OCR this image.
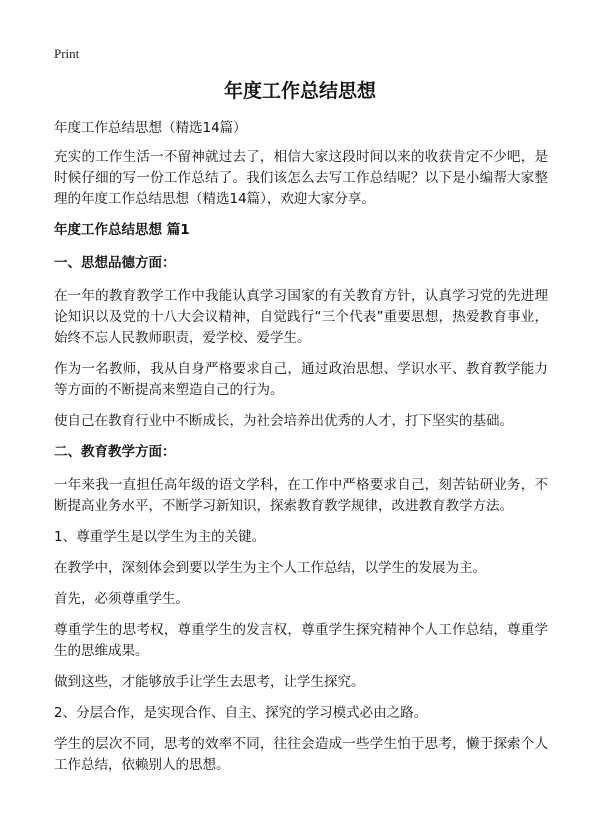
Print
年度工作总结思想

年度工作总结思想（精选14篇）

充实的工作生活一不留神就过去了，相信大家这段时间以来的收获肯定不少吧，是时候仔细的写一份工作总结了。我们该怎么去写工作总结呢？以下是小编帮大家整理的年度工作总结思想（精选14篇），欢迎大家分享。

年度工作总结思想 篇1

一、思想品德方面：

在一年的教育教学工作中我能认真学习国家的有关教育方针，认真学习党的先进理论知识以及党的十八大会议精神，自觉践行“三个代表”重要思想，热爱教育事业，始终不忘人民教师职责，爱学校、爱学生。

作为一名教师，我从自身严格要求自己，通过政治思想、学识水平、教育教学能力等方面的不断提高来塑造自己的行为。

使自己在教育行业中不断成长，为社会培养出优秀的人才，打下坚实的基础。

二、教育教学方面：

一年来我一直担任高年级的语文学科，在工作中严格要求自己，刻苦钻研业务，不断提高业务水平，不断学习新知识，探索教育教学规律，改进教育教学方法。

1、尊重学生是以学生为主的关键。

在教学中，深刻体会到要以学生为主个人工作总结，以学生的发展为主。

首先，必须尊重学生。

尊重学生的思考权，尊重学生的发言权，尊重学生探究精神个人工作总结，尊重学生的思维成果。

做到这些，才能够放手让学生去思考，让学生探究。

2、分层合作，是实现合作、自主、探究的学习模式必由之路。

学生的层次不同，思考的效率不同，往往会造成一些学生怕于思考，懒于探索个人工作总结，依赖别人的思想。
